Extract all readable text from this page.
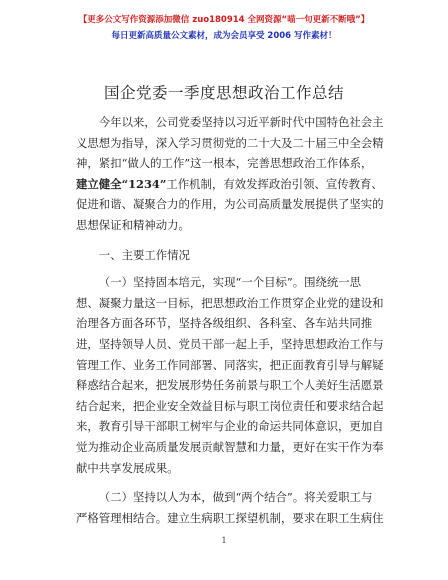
【更多公文写作资源添加微信 zuo180914 全网资源“喵一句更新不断哦”】
每日更新高质量公文素材，成为会员享受 2006 写作素材！
国企党委一季度思想政治工作总结

今年以来，公司党委坚持以习近平新时代中国特色社会主
义思想为指导，深入学习贯彻党的二十大及二十届三中全会精
神，紧扣“做人的工作”这一根本，完善思想政治工作体系，
建立健全“1234”工作机制，有效发挥政治引领、宣传教育、
促进和谐、凝聚合力的作用，为公司高质量发展提供了坚实的
思想保证和精神动力。

一、主要工作情况

（一）坚持固本培元，实现“一个目标”。围绕统一思
想、凝聚力量这一目标，把思想政治工作贯穿企业党的建设和
治理各方面各环节，坚持各级组织、各科室、各车站共同推
进，坚持领导人员、党员干部一起上手，坚持思想政治工作与
管理工作、业务工作同部署、同落实，把正面教育引导与解疑
释惑结合起来，把发展形势任务前景与职工个人美好生活愿景
结合起来，把企业安全效益目标与职工岗位责任和要求结合起
来，教育引导干部职工树牢与企业的命运共同体意识，更加自
觉为推动企业高质量发展贡献智慧和力量，更好在实干作为奉
献中共享发展成果。

（二）坚持以人为本，做到“两个结合”。将关爱职工与
严格管理相结合。建立生病职工探望机制，要求在职工生病住

1
